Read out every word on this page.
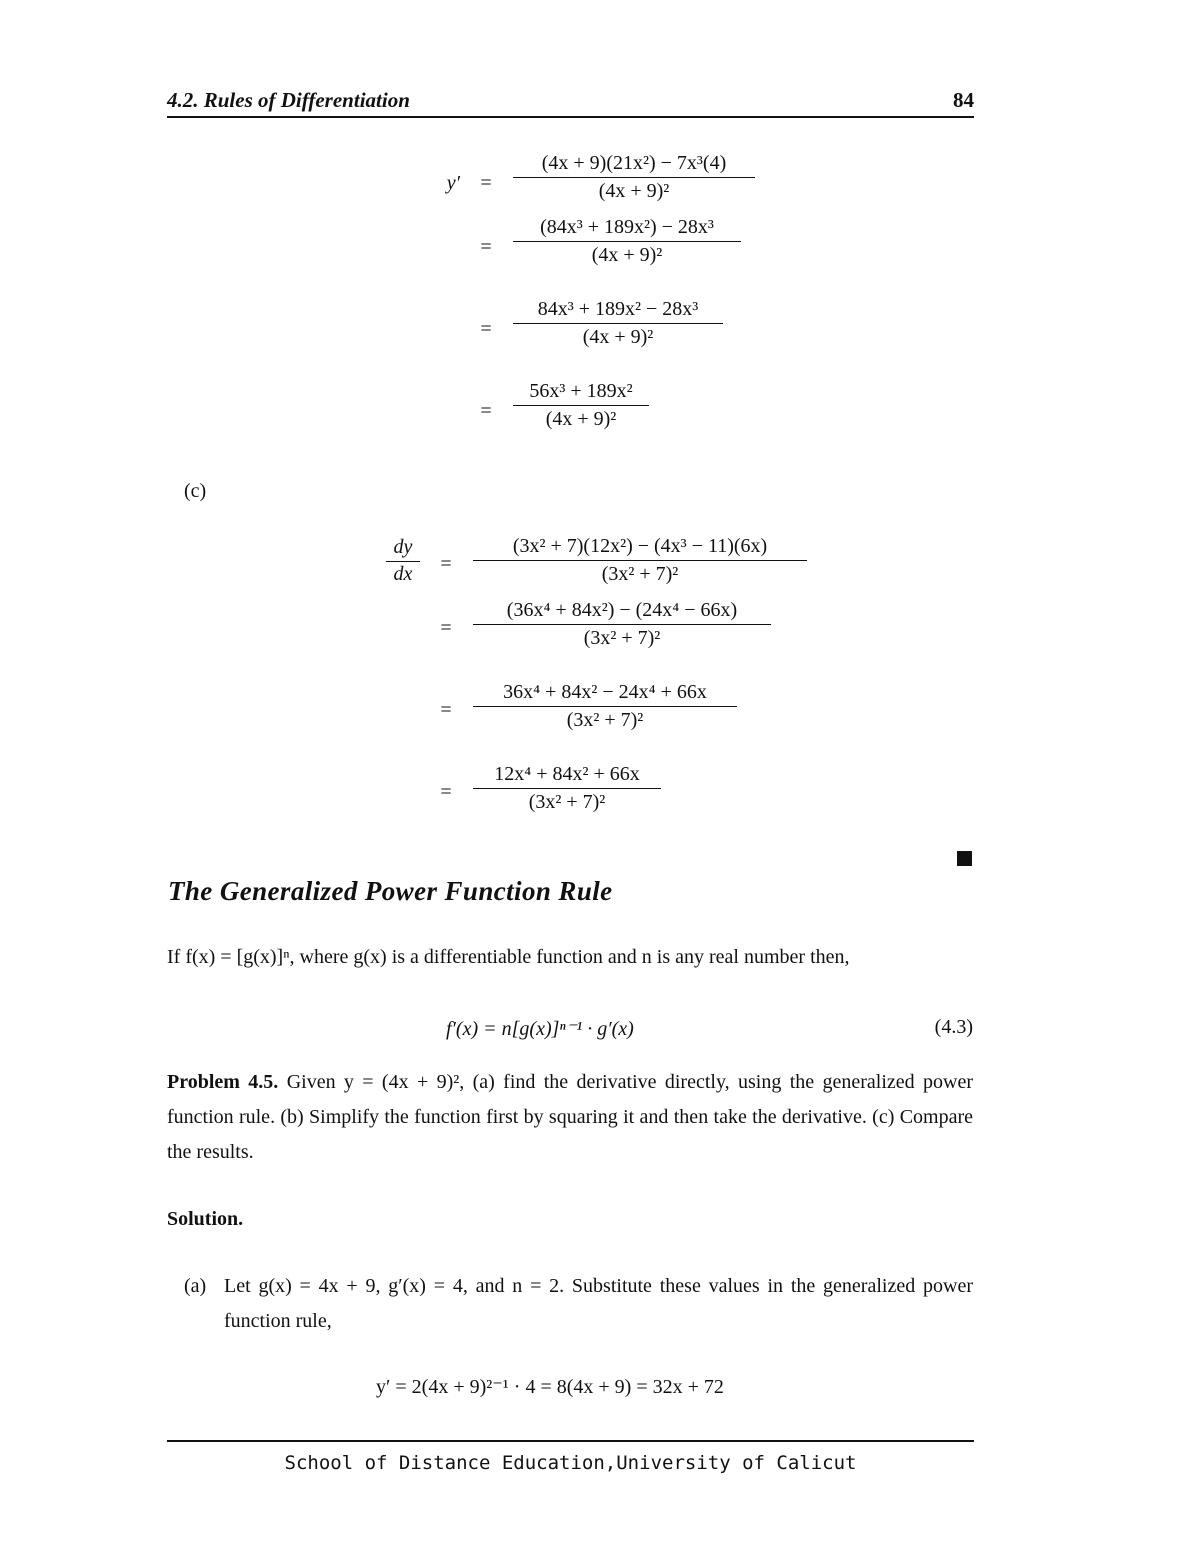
4.2. Rules of Differentiation	84
$y' = \frac{\text{(4x + 9)(21x²) − 7x³(4)}}{\text{(4x + 9)²}}$
= $\frac{\text{(84x³ + 189x²) − 28x³}}{\text{(4x + 9)²}}$
= $\frac{\text{84x³ + 189x² − 28x³}}{\text{(4x + 9)²}}$
= $\frac{\text{56x³ + 189x²}}{\text{(4x + 9)²}}$
(c)
$\frac{dy}{dx} = \frac{\text{(3x² + 7)(12x²) − (4x³ − 11)(6x)}}{\text{(3x² + 7)²}}$
= $\frac{\text{(36x⁴ + 84x²) − (24x⁴ − 66x)}}{\text{(3x² + 7)²}}$
= $\frac{\text{36x⁴ + 84x² − 24x⁴ + 66x}}{\text{(3x² + 7)²}}$
= $\frac{\text{12x⁴ + 84x² + 66x}}{\text{(3x² + 7)²}}$
The Generalized Power Function Rule
If f(x) = [g(x)]ⁿ, where g(x) is a differentiable function and n is any real number then,
f′(x) = n[g(x)]ⁿ⁻¹ · g′(x)	(4.3)
Problem 4.5. Given y = (4x + 9)², (a) find the derivative directly, using the generalized power function rule. (b) Simplify the function first by squaring it and then take the derivative. (c) Compare the results.
Solution.
(a) Let g(x) = 4x + 9, g′(x) = 4, and n = 2. Substitute these values in the generalized power function rule,
y′ = 2(4x + 9)²⁻¹ · 4 = 8(4x + 9) = 32x + 72
School of Distance Education,University of Calicut
